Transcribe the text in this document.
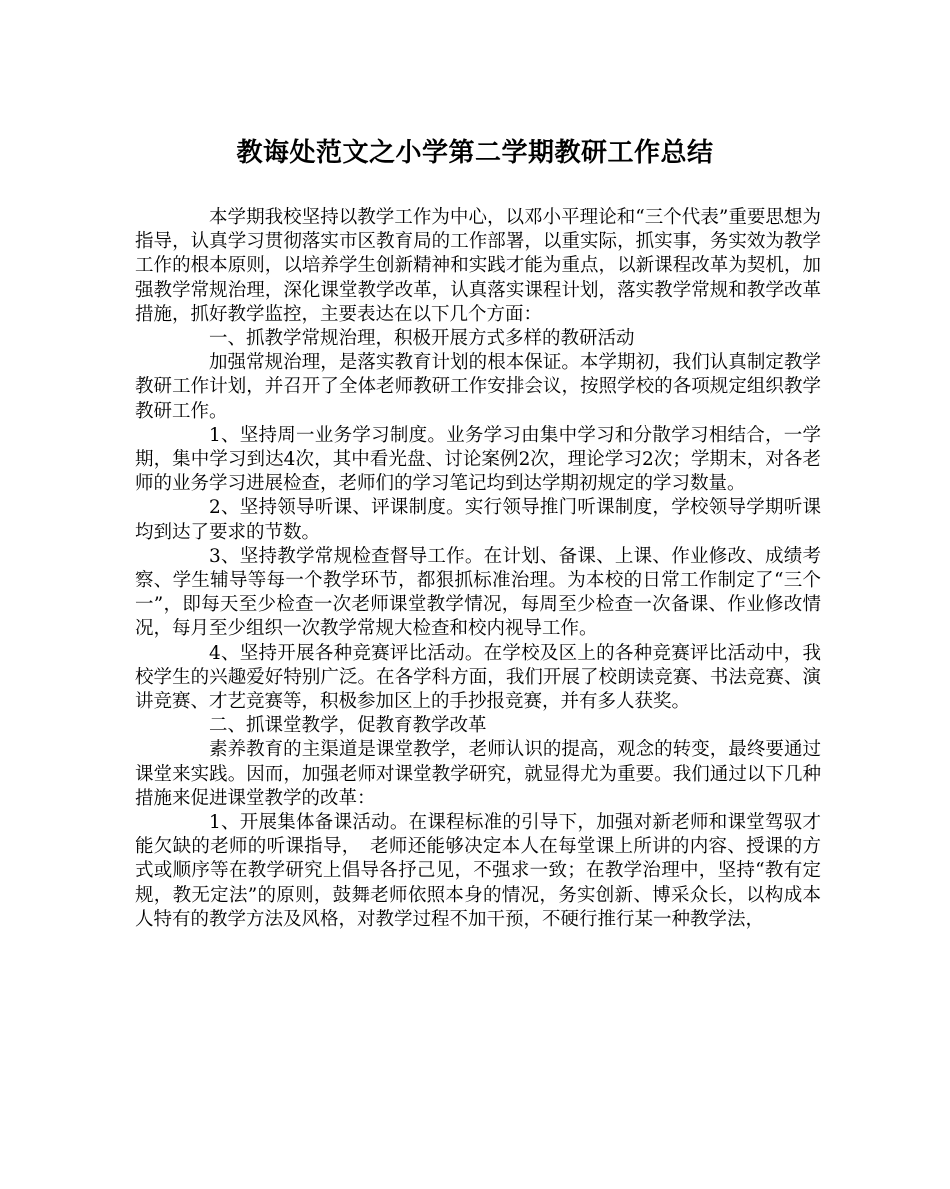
教诲处范文之小学第二学期教研工作总结

本学期我校坚持以教学工作为中心，以邓小平理论和“三个代表”重要思想为指导，认真学习贯彻落实市区教育局的工作部署，以重实际，抓实事，务实效为教学工作的根本原则，以培养学生创新精神和实践才能为重点，以新课程改革为契机，加强教学常规治理，深化课堂教学改革，认真落实课程计划，落实教学常规和教学改革措施，抓好教学监控，主要表达在以下几个方面：

一、抓教学常规治理，积极开展方式多样的教研活动

加强常规治理，是落实教育计划的根本保证。本学期初，我们认真制定教学教研工作计划，并召开了全体老师教研工作安排会议，按照学校的各项规定组织教学教研工作。

1、坚持周一业务学习制度。业务学习由集中学习和分散学习相结合，一学期，集中学习到达4次，其中看光盘、讨论案例2次，理论学习2次；学期末，对各老师的业务学习进展检查，老师们的学习笔记均到达学期初规定的学习数量。

2、坚持领导听课、评课制度。实行领导推门听课制度，学校领导学期听课均到达了要求的节数。

3、坚持教学常规检查督导工作。在计划、备课、上课、作业修改、成绩考察、学生辅导等每一个教学环节，都狠抓标准治理。为本校的日常工作制定了“三个一”，即每天至少检查一次老师课堂教学情况，每周至少检查一次备课、作业修改情况，每月至少组织一次教学常规大检查和校内视导工作。

4、坚持开展各种竞赛评比活动。在学校及区上的各种竞赛评比活动中，我校学生的兴趣爱好特别广泛。在各学科方面，我们开展了校朗读竞赛、书法竞赛、演讲竞赛、才艺竞赛等，积极参加区上的手抄报竞赛，并有多人获奖。

二、抓课堂教学，促教育教学改革

素养教育的主渠道是课堂教学，老师认识的提高，观念的转变，最终要通过课堂来实践。因而，加强老师对课堂教学研究，就显得尤为重要。我们通过以下几种措施来促进课堂教学的改革：

1、开展集体备课活动。在课程标准的引导下，加强对新老师和课堂驾驭才能欠缺的老师的听课指导，　老师还能够决定本人在每堂课上所讲的内容、授课的方式或顺序等在教学研究上倡导各抒己见，不强求一致；在教学治理中，坚持“教有定规，教无定法”的原则，鼓舞老师依照本身的情况，务实创新、博采众长，以构成本人特有的教学方法及风格，对教学过程不加干预，不硬行推行某一种教学法，
